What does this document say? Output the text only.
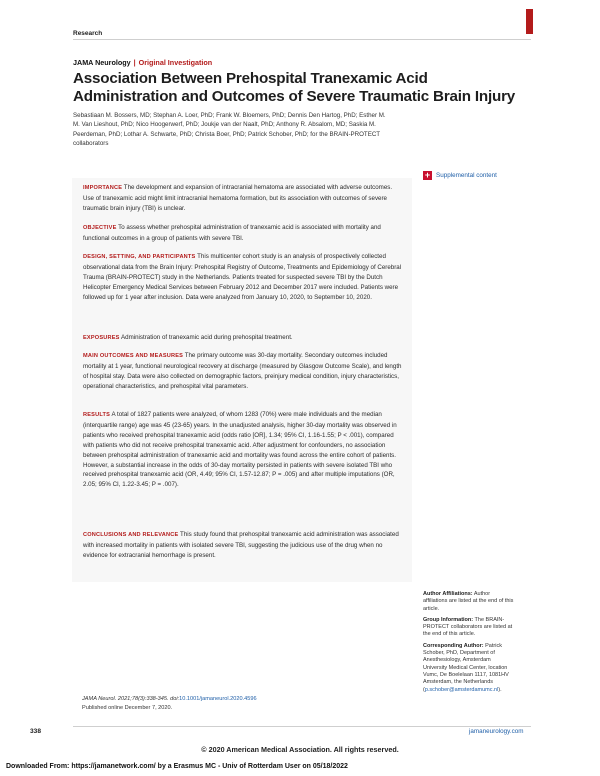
Research
JAMA Neurology | Original Investigation
Association Between Prehospital Tranexamic Acid Administration and Outcomes of Severe Traumatic Brain Injury
Sebastiaan M. Bossers, MD; Stephan A. Loer, PhD; Frank W. Bloemers, PhD; Dennis Den Hartog, PhD; Esther M. M. Van Lieshout, PhD; Nico Hoogerwerf, PhD; Joukje van der Naalt, PhD; Anthony R. Absalom, MD; Saskia M. Peerdeman, PhD; Lothar A. Schwarte, PhD; Christa Boer, PhD; Patrick Schober, PhD; for the BRAIN-PROTECT collaborators
+ Supplemental content
IMPORTANCE The development and expansion of intracranial hematoma are associated with adverse outcomes. Use of tranexamic acid might limit intracranial hematoma formation, but its association with outcomes of severe traumatic brain injury (TBI) is unclear.
OBJECTIVE To assess whether prehospital administration of tranexamic acid is associated with mortality and functional outcomes in a group of patients with severe TBI.
DESIGN, SETTING, AND PARTICIPANTS This multicenter cohort study is an analysis of prospectively collected observational data from the Brain Injury: Prehospital Registry of Outcome, Treatments and Epidemiology of Cerebral Trauma (BRAIN-PROTECT) study in the Netherlands. Patients treated for suspected severe TBI by the Dutch Helicopter Emergency Medical Services between February 2012 and December 2017 were included. Patients were followed up for 1 year after inclusion. Data were analyzed from January 10, 2020, to September 10, 2020.
EXPOSURES Administration of tranexamic acid during prehospital treatment.
MAIN OUTCOMES AND MEASURES The primary outcome was 30-day mortality. Secondary outcomes included mortality at 1 year, functional neurological recovery at discharge (measured by Glasgow Outcome Scale), and length of hospital stay. Data were also collected on demographic factors, preinjury medical condition, injury characteristics, operational characteristics, and prehospital vital parameters.
RESULTS A total of 1827 patients were analyzed, of whom 1283 (70%) were male individuals and the median (interquartile range) age was 45 (23-65) years. In the unadjusted analysis, higher 30-day mortality was observed in patients who received prehospital tranexamic acid (odds ratio [OR], 1.34; 95% CI, 1.16-1.55; P < .001), compared with patients who did not receive prehospital tranexamic acid. After adjustment for confounders, no association between prehospital administration of tranexamic acid and mortality was found across the entire cohort of patients. However, a substantial increase in the odds of 30-day mortality persisted in patients with severe isolated TBI who received prehospital tranexamic acid (OR, 4.49; 95% CI, 1.57-12.87; P = .005) and after multiple imputations (OR, 2.05; 95% CI, 1.22-3.45; P = .007).
CONCLUSIONS AND RELEVANCE This study found that prehospital tranexamic acid administration was associated with increased mortality in patients with isolated severe TBI, suggesting the judicious use of the drug when no evidence for extracranial hemorrhage is present.

Author Affiliations: Author affiliations are listed at the end of this article.

Group Information: The BRAIN-PROTECT collaborators are listed at the end of this article.

Corresponding Author: Patrick Schober, PhD, Department of Anesthesiology, Amsterdam University Medical Center, location Vumc, De Boelelaan 1117, 1081HV Amsterdam, the Netherlands (p.schober@amsterdamumc.nl).

JAMA Neurol. 2021;78(3):338-345. doi:10.1001/jamaneurol.2020.4596
Published online December 7, 2020.
338	jamaneurology.com
© 2020 American Medical Association. All rights reserved.
Downloaded From: https://jamanetwork.com/ by a Erasmus MC - Univ of Rotterdam User on 05/18/2022
